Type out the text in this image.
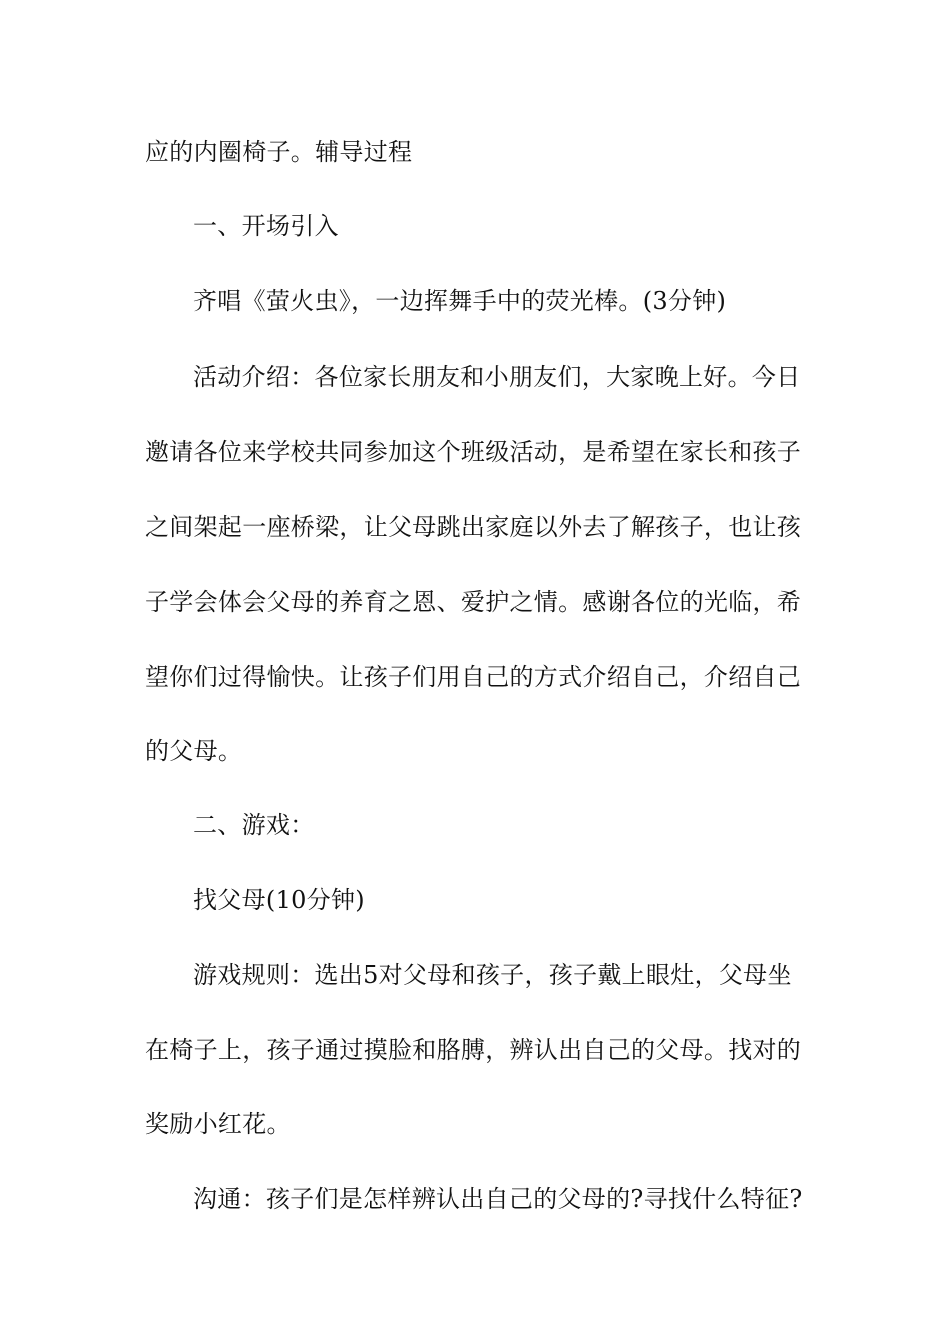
应的内圈椅子。辅导过程
一、开场引入
齐唱《萤火虫》，一边挥舞手中的荧光棒。(3分钟)
活动介绍：各位家长朋友和小朋友们，大家晚上好。今日
邀请各位来学校共同参加这个班级活动，是希望在家长和孩子
之间架起一座桥梁，让父母跳出家庭以外去了解孩子，也让孩
子学会体会父母的养育之恩、爱护之情。感谢各位的光临，希
望你们过得愉快。让孩子们用自己的方式介绍自己，介绍自己
的父母。
二、游戏：
找父母(10分钟)
游戏规则：选出5对父母和孩子，孩子戴上眼灶，父母坐
在椅子上，孩子通过摸脸和胳膊，辨认出自己的父母。找对的
奖励小红花。
沟通：孩子们是怎样辨认出自己的父母的?寻找什么特征?
